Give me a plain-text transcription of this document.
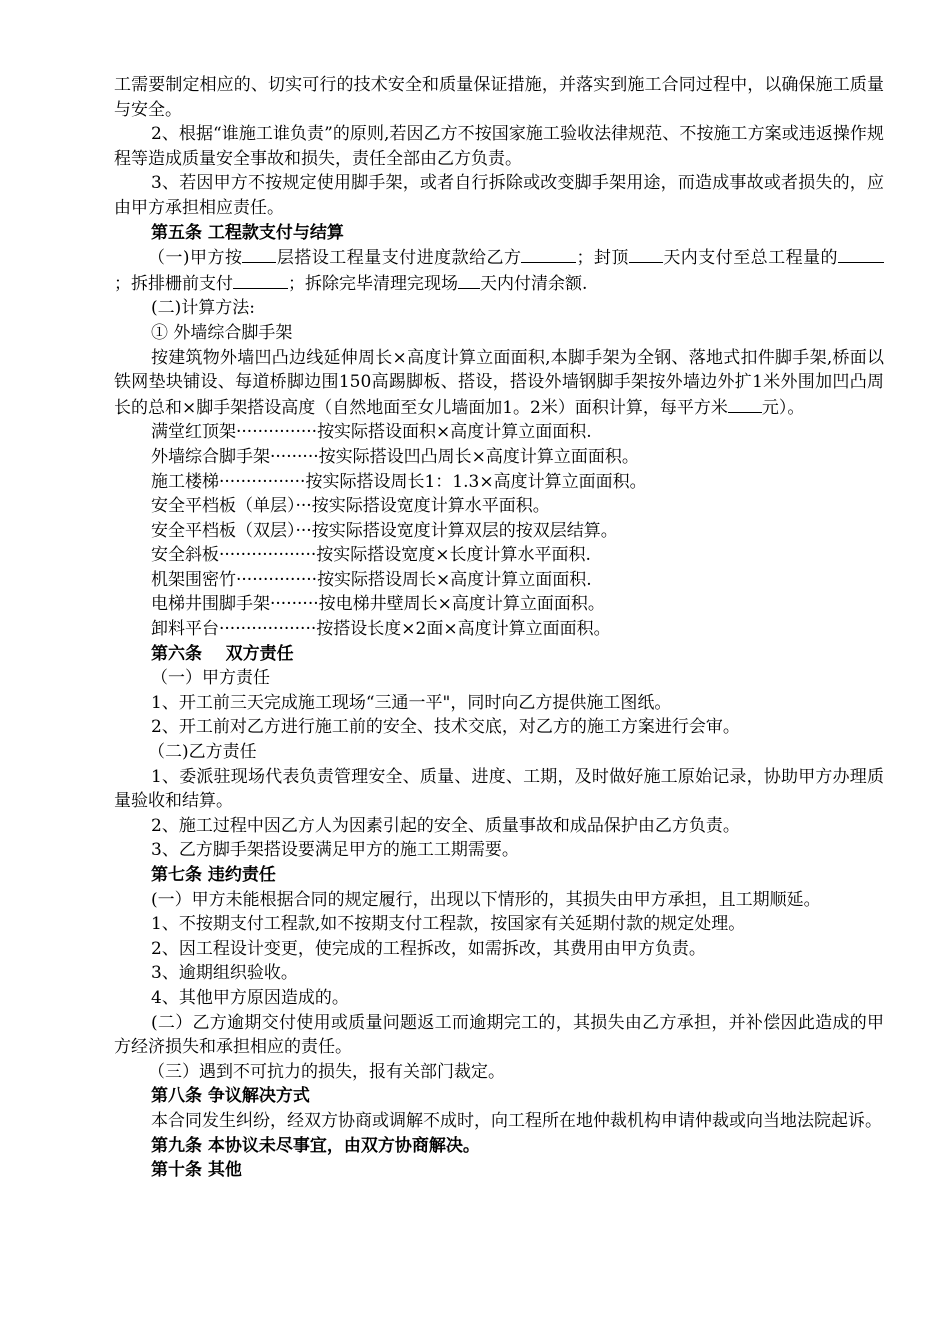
工需要制定相应的、切实可行的技术安全和质量保证措施，并落实到施工合同过程中，以确保施工质量与安全。

2、根据“谁施工谁负责”的原则,若因乙方不按国家施工验收法律规范、不按施工方案或违返操作规程等造成质量安全事故和损失，责任全部由乙方负责。

3、若因甲方不按规定使用脚手架，或者自行拆除或改变脚手架用途，而造成事故或者损失的，应由甲方承担相应责任。

第五条 工程款支付与结算

（一)甲方按 层搭设工程量支付进度款给乙方	；封顶 天内支付至总工程量的；拆排栅前支付	；拆除完毕清理完现场 天内付清余额.

(二)计算方法:

① 外墙综合脚手架

按建筑物外墙凹凸边线延伸周长×高度计算立面面积,本脚手架为全钢、落地式扣件脚手架,桥面以铁网垫块铺设、每道桥脚边围150高踢脚板、搭设，搭设外墙钢脚手架按外墙边外扩1米外围加凹凸周长的总和×脚手架搭设高度（自然地面至女儿墙面加1。2米）面积计算，每平方米 元）。

满堂红顶架···············按实际搭设面积×高度计算立面面积.
外墙综合脚手架·········按实际搭设凹凸周长×高度计算立面面积。
施工楼梯················按实际搭设周长1：1.3×高度计算立面面积。
安全平档板（单层）···按实际搭设宽度计算水平面积。
安全平档板（双层）···按实际搭设宽度计算双层的按双层结算。
安全斜板··················按实际搭设宽度×长度计算水平面积.
机架围密竹···············按实际搭设周长×高度计算立面面积.
电梯井围脚手架·········按电梯井壁周长×高度计算立面面积。
卸料平台··················按搭设长度×2面×高度计算立面面积。

第六条    双方责任

（一）甲方责任

1、开工前三天完成施工现场“三通一平"，同时向乙方提供施工图纸。

2、开工前对乙方进行施工前的安全、技术交底，对乙方的施工方案进行会审。

（二)乙方责任

1、委派驻现场代表负责管理安全、质量、进度、工期，及时做好施工原始记录，协助甲方办理质量验收和结算。

2、施工过程中因乙方人为因素引起的安全、质量事故和成品保护由乙方负责。

3、乙方脚手架搭设要满足甲方的施工工期需要。

第七条 违约责任

(一）甲方未能根据合同的规定履行，出现以下情形的，其损失由甲方承担，且工期顺延。

1、不按期支付工程款,如不按期支付工程款，按国家有关延期付款的规定处理。

2、因工程设计变更，使完成的工程拆改，如需拆改，其费用由甲方负责。

3、逾期组织验收。

4、其他甲方原因造成的。

(二）乙方逾期交付使用或质量问题返工而逾期完工的，其损失由乙方承担，并补偿因此造成的甲方经济损失和承担相应的责任。

（三）遇到不可抗力的损失，报有关部门裁定。

第八条 争议解决方式

本合同发生纠纷，经双方协商或调解不成时，向工程所在地仲裁机构申请仲裁或向当地法院起诉。

第九条 本协议未尽事宜，由双方协商解决。

第十条 其他
